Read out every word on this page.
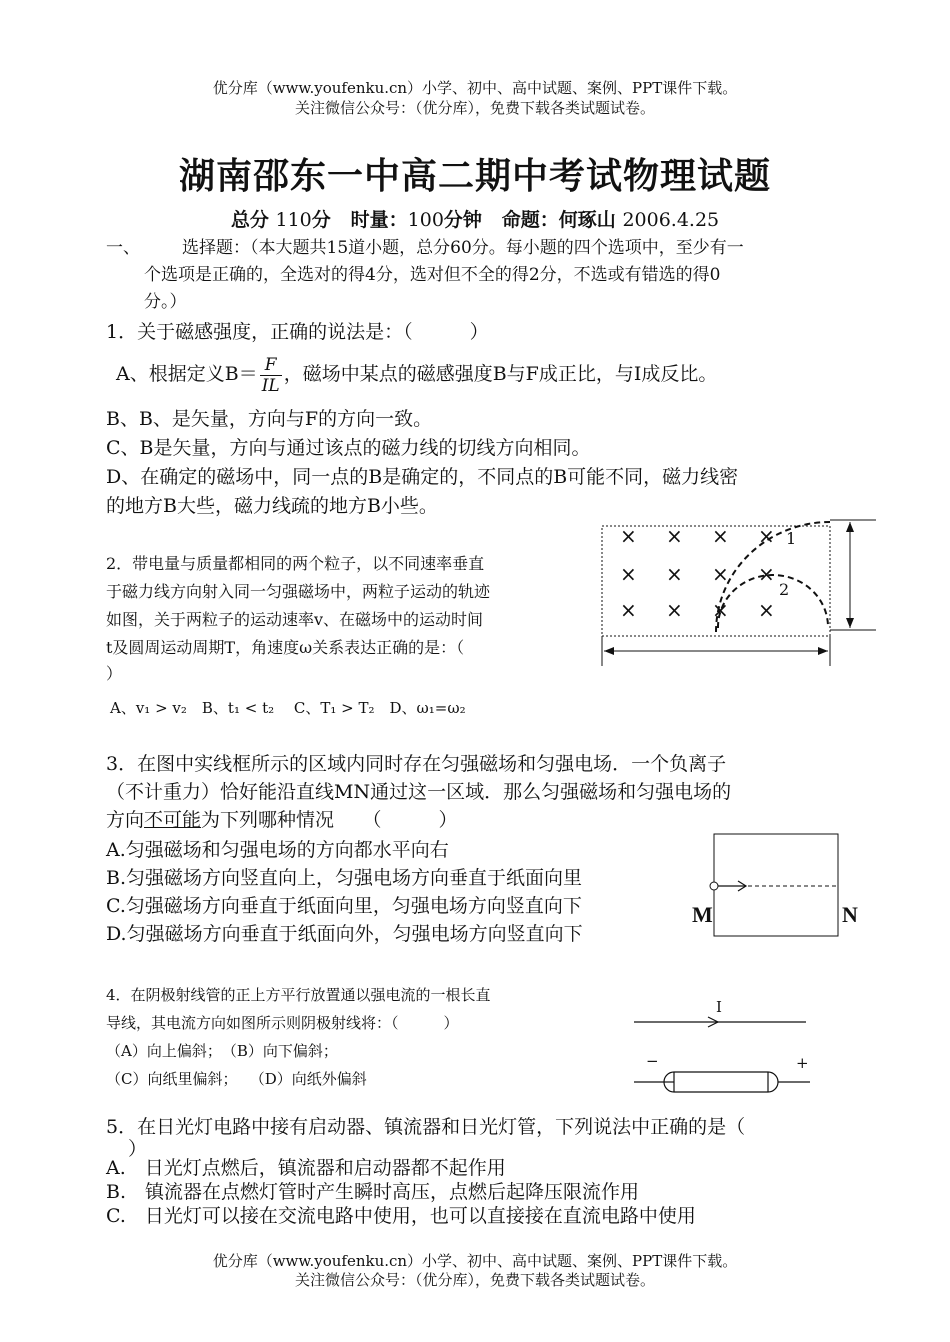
优分库（www.youfenku.cn）小学、初中、高中试题、案例、PPT课件下载。
关注微信公众号：（优分库），免费下载各类试题试卷。
湖南邵东一中高二期中考试物理试题
总分 110分 时量：100分钟 命题：何琢山 2006.4.25
一、 选择题：（本大题共15道小题，总分60分。每小题的四个选项中，至少有一
个选项是正确的，全选对的得4分，选对但不全的得2分，不选或有错选的得0
分。）
1．关于磁感强度，正确的说法是：（　　　）
A、根据定义$B= \frac{F}{IL}$ ，磁场中某点的磁感强度B与F成正比，与I成反比。
B、B、是矢量，方向与F的方向一致。
C、B是矢量，方向与通过该点的磁力线的切线方向相同。
D、在确定的磁场中，同一点的B是确定的，不同点的B可能不同，磁力线密
的地方B大些，磁力线疏的地方B小些。
2．带电量与质量都相同的两个粒子，以不同速率垂直
于磁力线方向射入同一匀强磁场中，两粒子运动的轨迹
如图，关于两粒子的运动速率v、在磁场中的运动时间
t及圆周运动周期T，角速度ω关系表达正确的是：（
）
A、v₁ > v₂　B、t₁ < t₂　 C、T₁ > T₂　D、ω₁=ω₂
× × × ×
× × × ×
× × × ×
1
2
3．在图中实线框所示的区域内同时存在匀强磁场和匀强电场．一个负离子
（不计重力）恰好能沿直线MN通过这一区域．那么匀强磁场和匀强电场的
方向不可能为下列哪种情况　　（　　　）
A.匀强磁场和匀强电场的方向都水平向右
B.匀强磁场方向竖直向上，匀强电场方向垂直于纸面向里
C.匀强磁场方向垂直于纸面向里，匀强电场方向竖直向下
D.匀强磁场方向垂直于纸面向外，匀强电场方向竖直向下
M	N
4．在阴极射线管的正上方平行放置通以强电流的一根长直
导线，其电流方向如图所示则阴极射线将：（　　　）
（A）向上偏斜；　（B）向下偏斜；
（C）向纸里偏斜；　 （D）向纸外偏斜
I
−	+
5．在日光灯电路中接有启动器、镇流器和日光灯管，下列说法中正确的是（
）
A.　日光灯点燃后，镇流器和启动器都不起作用
B.　镇流器在点燃灯管时产生瞬时高压，点燃后起降压限流作用
C.　日光灯可以接在交流电路中使用，也可以直接接在直流电路中使用
优分库（www.youfenku.cn）小学、初中、高中试题、案例、PPT课件下载。
关注微信公众号：（优分库），免费下载各类试题试卷。
